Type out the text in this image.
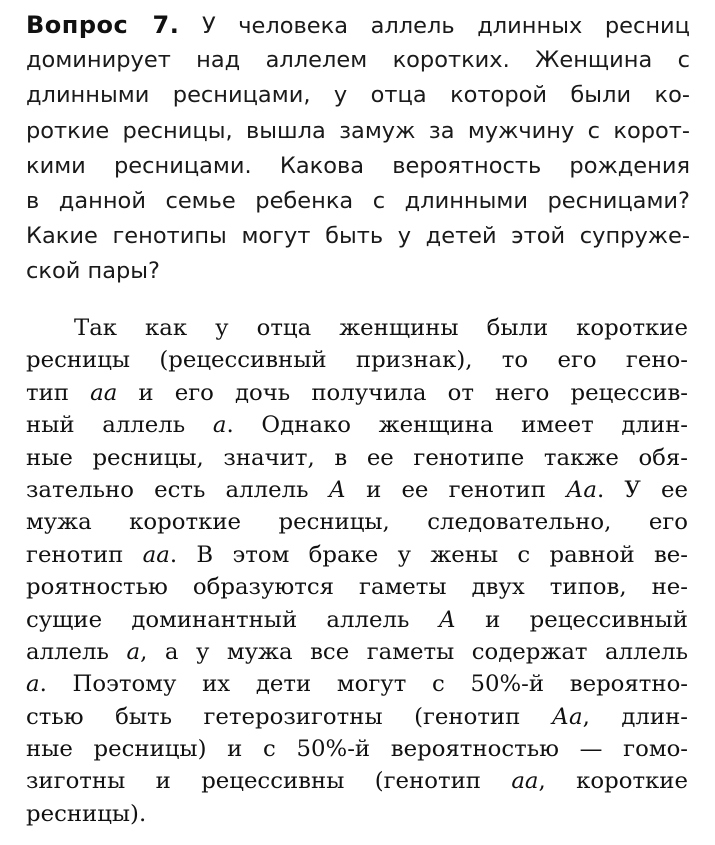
Вопрос 7. У человека аллель длинных ресниц
доминирует над аллелем коротких. Женщина с
длинными ресницами, у отца которой были ко-
роткие ресницы, вышла замуж за мужчину с корот-
кими ресницами. Какова вероятность рождения
в данной семье ребенка с длинными ресницами?
Какие генотипы могут быть у детей этой супруже-
ской пары?
Так как у отца женщины были короткие
ресницы (рецессивный признак), то его гено-
тип аа и его дочь получила от него рецессив-
ный аллель а. Однако женщина имеет длин-
ные ресницы, значит, в ее генотипе также обя-
зательно есть аллель А и ее генотип Аа. У ее
мужа короткие ресницы, следовательно, его
генотип аа. В этом браке у жены с равной ве-
роятностью образуются гаметы двух типов, не-
сущие доминантный аллель А и рецессивный
аллель а, а у мужа все гаметы содержат аллель
а. Поэтому их дети могут с 50%-й вероятно-
стью быть гетерозиготны (генотип Аа, длин-
ные ресницы) и с 50%-й вероятностью — гомо-
зиготны и рецессивны (генотип аа, короткие
ресницы).
